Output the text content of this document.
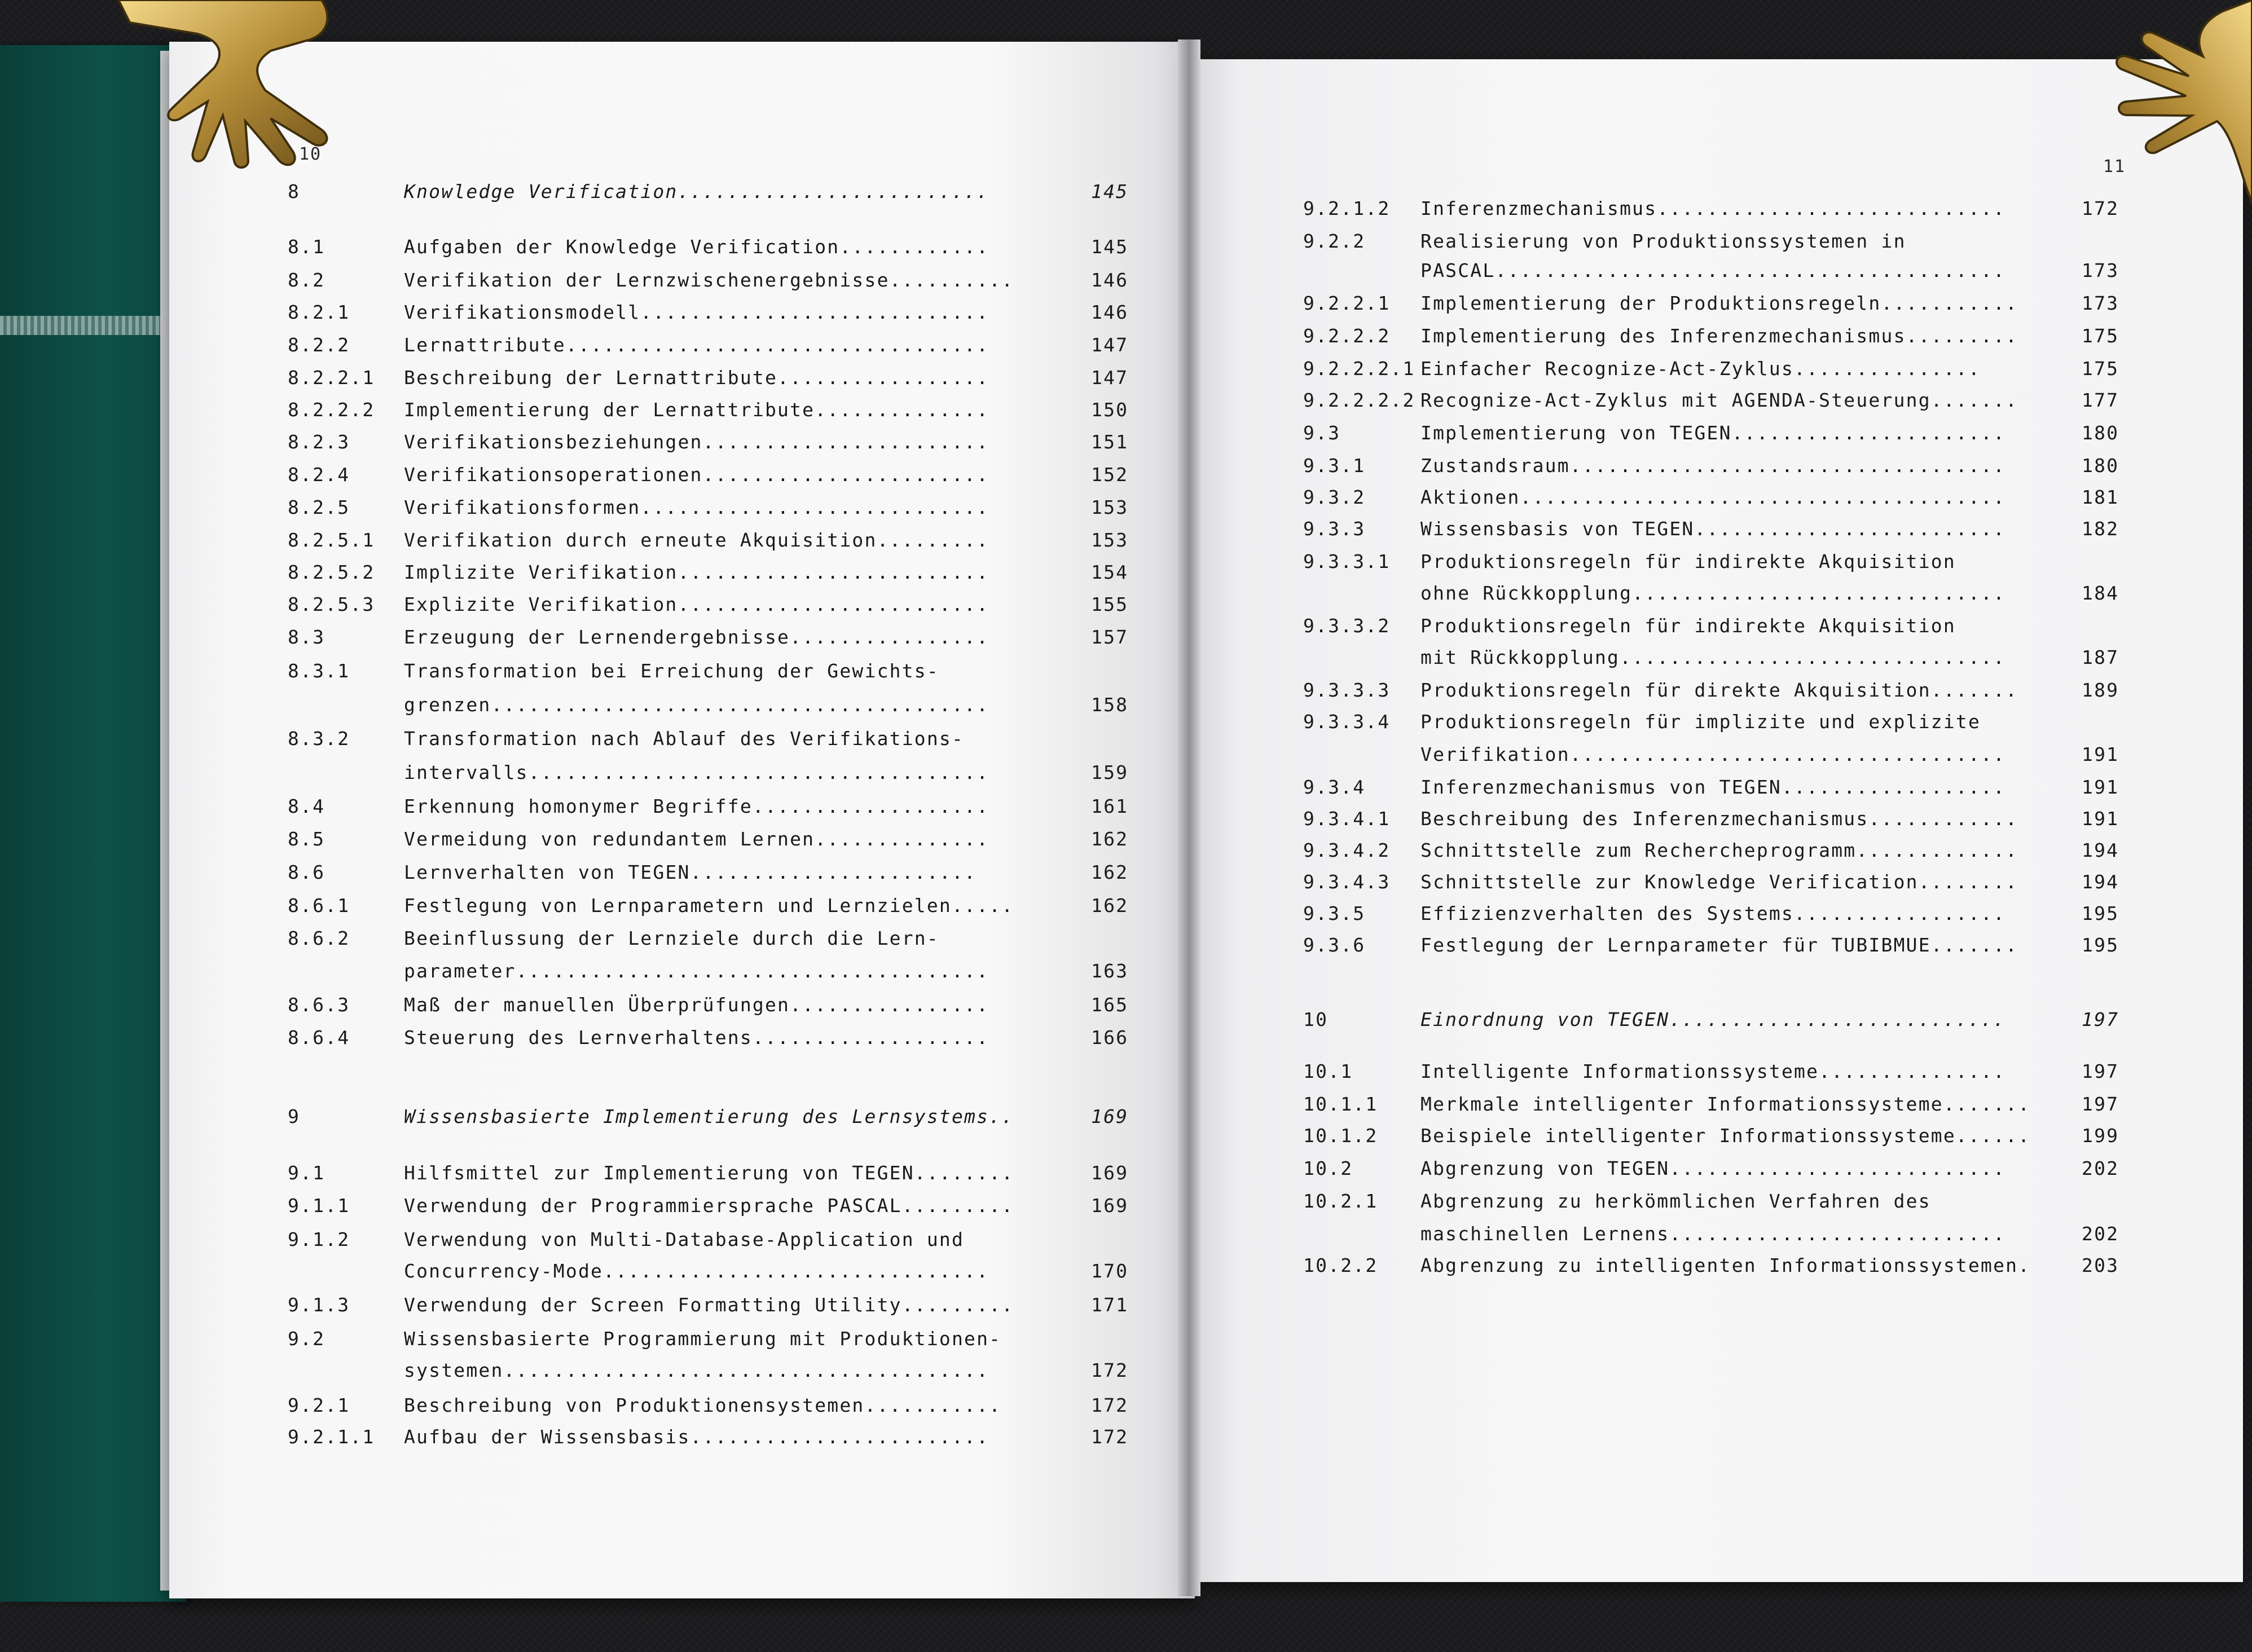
10
11
8	Knowledge Verification.........................	145
8.1	Aufgaben der Knowledge Verification............	145
8.2	Verifikation der Lernzwischenergebnisse..........	146
8.2.1	Verifikationsmodell............................	146
8.2.2	Lernattribute..................................	147
8.2.2.1 Beschreibung der Lernattribute.................	147
8.2.2.2 Implementierung der Lernattribute..............	150
8.2.3	Verifikationsbeziehungen.......................	151
8.2.4	Verifikationsoperationen.......................	152
8.2.5	Verifikationsformen............................	153
8.2.5.1 Verifikation durch erneute Akquisition.........	153
8.2.5.2 Implizite Verifikation.........................	154
8.2.5.3 Explizite Verifikation.........................	155
8.3	Erzeugung der Lernendergebnisse................	157
8.3.1	Transformation bei Erreichung der Gewichts-
grenzen........................................	158
8.3.2	Transformation nach Ablauf des Verifikations-
intervalls.....................................	159
8.4	Erkennung homonymer Begriffe...................	161
8.5	Vermeidung von redundantem Lernen..............	162
8.6	Lernverhalten von TEGEN.......................	162
8.6.1	Festlegung von Lernparametern und Lernzielen.....	162
8.6.2	Beeinflussung der Lernziele durch die Lern-
parameter......................................	163
8.6.3	Maß der manuellen Überprüfungen................	165
8.6.4	Steuerung des Lernverhaltens...................	166
9	Wissensbasierte Implementierung des Lernsystems..	169
9.1	Hilfsmittel zur Implementierung von TEGEN........	169
9.1.1	Verwendung der Programmiersprache PASCAL.........	169
9.1.2	Verwendung von Multi-Database-Application und
Concurrency-Mode...............................	170
9.1.3	Verwendung der Screen Formatting Utility.........	171
9.2	Wissensbasierte Programmierung mit Produktionen-
systemen.......................................	172
9.2.1	Beschreibung von Produktionensystemen...........	172
9.2.1.1 Aufbau der Wissensbasis........................	172
9.2.1.2 Inferenzmechanismus............................	172
9.2.2	Realisierung von Produktionssystemen in
PASCAL.........................................	173
9.2.2.1 Implementierung der Produktionsregeln...........	173
9.2.2.2 Implementierung des Inferenzmechanismus.........	175
9.2.2.2.1 Einfacher Recognize-Act-Zyklus...............	175
9.2.2.2.2 Recognize-Act-Zyklus mit AGENDA-Steuerung.......	177
9.3	Implementierung von TEGEN......................	180
9.3.1	Zustandsraum...................................	180
9.3.2	Aktionen.......................................	181
9.3.3	Wissensbasis von TEGEN.........................	182
9.3.3.1 Produktionsregeln für indirekte Akquisition
ohne Rückkopplung..............................	184
9.3.3.2 Produktionsregeln für indirekte Akquisition
mit Rückkopplung...............................	187
9.3.3.3 Produktionsregeln für direkte Akquisition.......	189
9.3.3.4 Produktionsregeln für implizite und explizite
Verifikation...................................	191
9.3.4	Inferenzmechanismus von TEGEN..................	191
9.3.4.1 Beschreibung des Inferenzmechanismus............	191
9.3.4.2 Schnittstelle zum Rechercheprogramm.............	194
9.3.4.3 Schnittstelle zur Knowledge Verification........	194
9.3.5	Effizienzverhalten des Systems.................	195
9.3.6	Festlegung der Lernparameter für TUBIBMUE.......	195
10	Einordnung von TEGEN...........................	197
10.1	Intelligente Informationssysteme...............	197
10.1.1 Merkmale intelligenter Informationssysteme.......	197
10.1.2 Beispiele intelligenter Informationssysteme......	199
10.2	Abgrenzung von TEGEN...........................	202
10.2.1 Abgrenzung zu herkömmlichen Verfahren des
maschinellen Lernens...........................	202
10.2.2 Abgrenzung zu intelligenten Informationssystemen.	203
